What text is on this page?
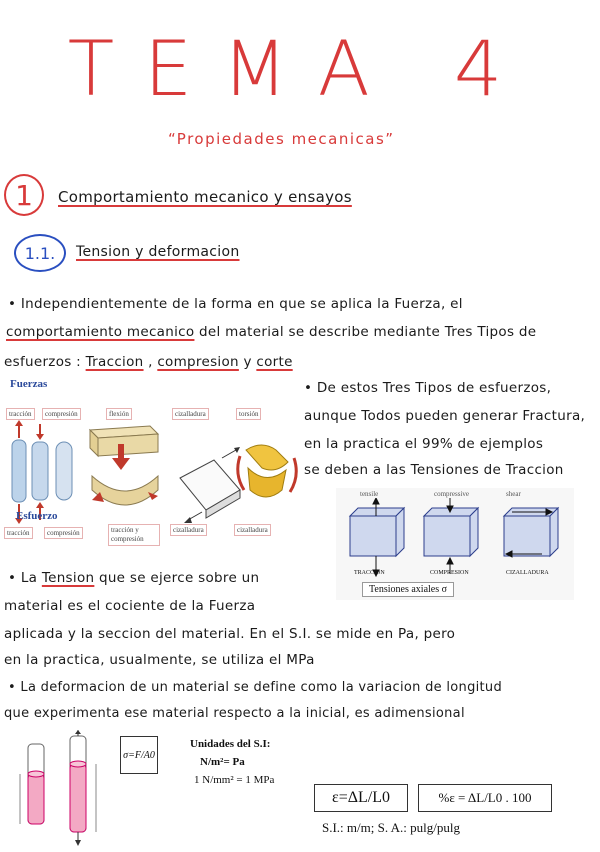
TEMA 4
“Propiedades mecanicas”
1 Comportamiento mecanico y ensayos
1.1. Tension y deformacion
• Independientemente de la forma en que se aplica la Fuerza, el
comportamiento mecanico del material se describe mediante Tres Tipos de
esfuerzos : Traccion , compresion y corte
Fuerzas
tracción	compresión	flexión	cizalladura	torsión
Esfuerzo
tracción	compresión	tracción y compresión
cizalladura	cizalladura
• De estos Tres Tipos de esfuerzos,
aunque Todos pueden generar Fractura,
en la practica el 99% de ejemplos
se deben a las Tensiones de Traccion
tensile	compressive	shear
TRACCION	COMPRESION	CIZALLADURA
Tensiones axiales σ
• La Tension que se ejerce sobre un
material es el cociente de la Fuerza
aplicada y la seccion del material. En el S.I. se mide en Pa, pero
en la practica, usualmente, se utiliza el MPa
• La deformacion de un material se define como la variacion de longitud
que experimenta ese material respecto a la inicial, es adimensional
σ=F/A0
Unidades del S.I:
N/m²= Pa
1 N/mm² = 1 MPa
ε=ΔL/L0	%ε = ΔL/L0 . 100
S.I.: m/m; S. A.: pulg/pulg
